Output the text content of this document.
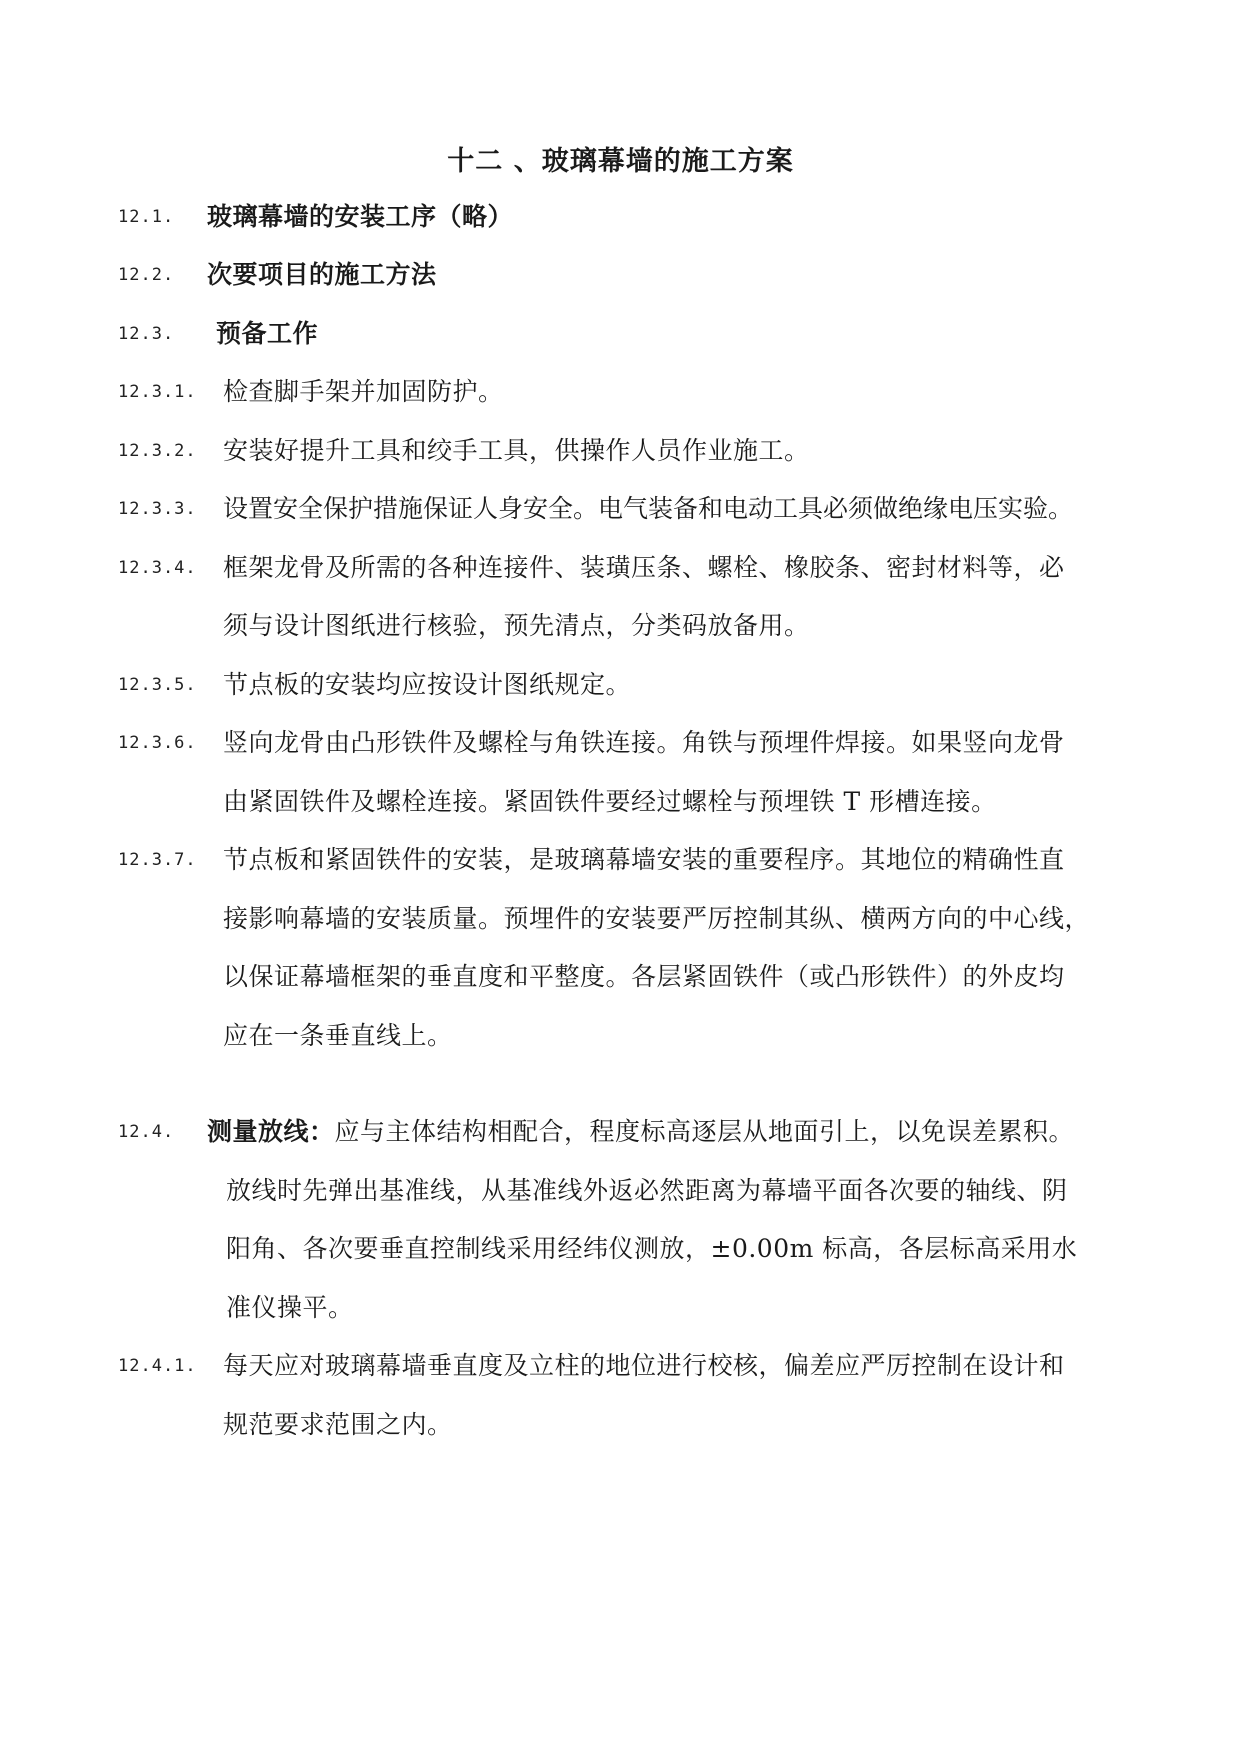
十二 、玻璃幕墙的施工方案
12.1. 玻璃幕墙的安装工序（略）
12.2. 次要项目的施工方法
12.3. 预备工作
12.3.1. 检查脚手架并加固防护。
12.3.2. 安装好提升工具和绞手工具，供操作人员作业施工。
12.3.3. 设置安全保护措施保证人身安全。电气装备和电动工具必须做绝缘电压实验。
12.3.4. 框架龙骨及所需的各种连接件、装璜压条、螺栓、橡胶条、密封材料等，必
须与设计图纸进行核验，预先清点，分类码放备用。
12.3.5. 节点板的安装均应按设计图纸规定。
12.3.6. 竖向龙骨由凸形铁件及螺栓与角铁连接。角铁与预埋件焊接。如果竖向龙骨
由紧固铁件及螺栓连接。紧固铁件要经过螺栓与预埋铁 T 形槽连接。
12.3.7. 节点板和紧固铁件的安装，是玻璃幕墙安装的重要程序。其地位的精确性直
接影响幕墙的安装质量。预埋件的安装要严厉控制其纵、横两方向的中心线，
以保证幕墙框架的垂直度和平整度。各层紧固铁件（或凸形铁件）的外皮均
应在一条垂直线上。
12.4. 测量放线：应与主体结构相配合，程度标高逐层从地面引上，以免误差累积。
放线时先弹出基准线，从基准线外返必然距离为幕墙平面各次要的轴线、阴
阳角、各次要垂直控制线采用经纬仪测放，±0.00m 标高，各层标高采用水
准仪操平。
12.4.1. 每天应对玻璃幕墙垂直度及立柱的地位进行校核，偏差应严厉控制在设计和
规范要求范围之内。
